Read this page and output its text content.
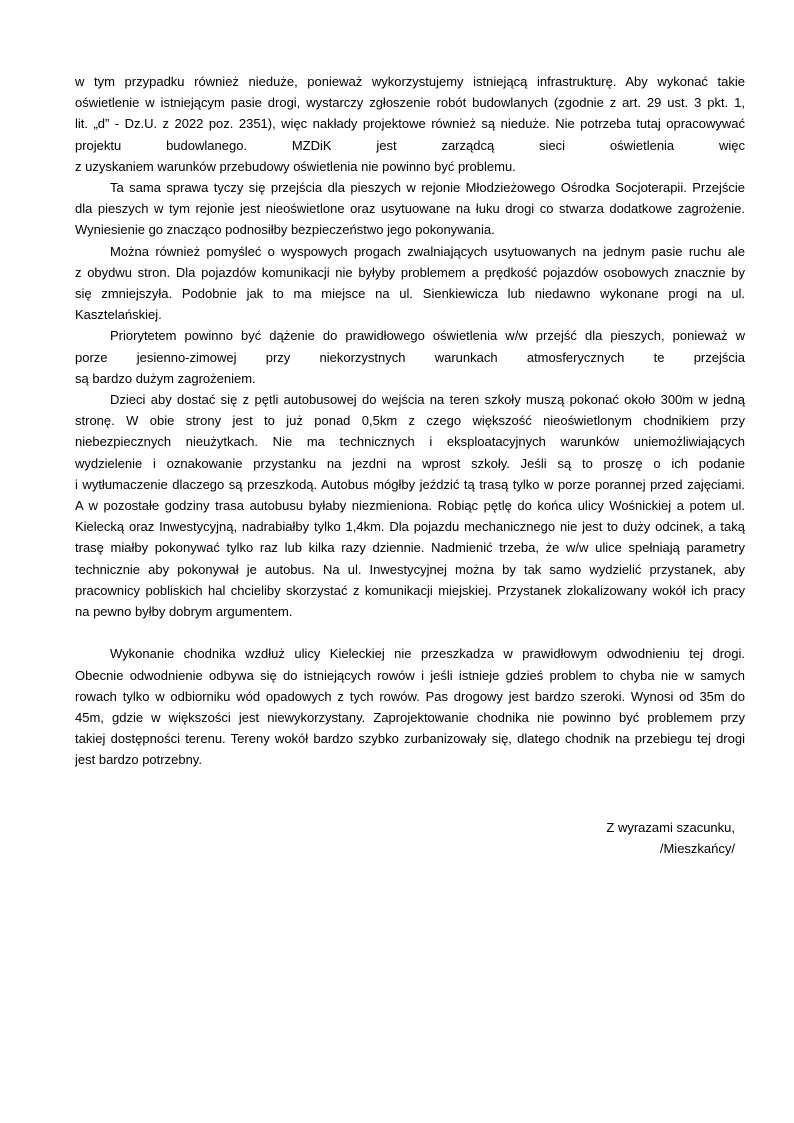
w tym przypadku również nieduże, ponieważ wykorzystujemy istniejącą infrastrukturę. Aby wykonać takie
oświetlenie w istniejącym pasie drogi, wystarczy zgłoszenie robót budowlanych (zgodnie z art. 29 ust. 3 pkt. 1,
lit. „d” - Dz.U. z 2022 poz. 2351), więc nakłady projektowe również są nieduże. Nie potrzeba tutaj opracowywać
projektu budowlanego. MZDiK jest zarządcą sieci oświetlenia więc
z uzyskaniem warunków przebudowy oświetlenia nie powinno być problemu.
Ta sama sprawa tyczy się przejścia dla pieszych w rejonie Młodzieżowego Ośrodka Socjoterapii. Przejście
dla pieszych w tym rejonie jest nieoświetlone oraz usytuowane na łuku drogi co stwarza dodatkowe zagrożenie.
Wyniesienie go znacząco podnosiłby bezpieczeństwo jego pokonywania.
Można również pomyśleć o wyspowych progach zwalniających usytuowanych na jednym pasie ruchu ale
z obydwu stron. Dla pojazdów komunikacji nie byłyby problemem a prędkość pojazdów osobowych znacznie by
się zmniejszyła. Podobnie jak to ma miejsce na ul. Sienkiewicza lub niedawno wykonane progi na ul.
Kasztelańskiej.
Priorytetem powinno być dążenie do prawidłowego oświetlenia w/w przejść dla pieszych, ponieważ w
porze jesienno-zimowej przy niekorzystnych warunkach atmosferycznych te przejścia
są bardzo dużym zagrożeniem.
Dzieci aby dostać się z pętli autobusowej do wejścia na teren szkoły muszą pokonać około 300m w jedną
stronę. W obie strony jest to już ponad 0,5km z czego większość nieoświetlonym chodnikiem przy
niebezpiecznych nieużytkach. Nie ma technicznych i eksploatacyjnych warunków uniemożliwiających
wydzielenie i oznakowanie przystanku na jezdni na wprost szkoły. Jeśli są to proszę o ich podanie
i wytłumaczenie dlaczego są przeszkodą. Autobus mógłby jeździć tą trasą tylko w porze porannej przed zajęciami.
A w pozostałe godziny trasa autobusu byłaby niezmieniona. Robiąc pętlę do końca ulicy Wośnickiej a potem ul.
Kielecką oraz Inwestycyjną, nadrabiałby tylko 1,4km. Dla pojazdu mechanicznego nie jest to duży odcinek, a taką
trasę miałby pokonywać tylko raz lub kilka razy dziennie. Nadmienić trzeba, że w/w ulice spełniają parametry
technicznie aby pokonywał je autobus. Na ul. Inwestycyjnej można by tak samo wydzielić przystanek, aby
pracownicy pobliskich hal chcieliby skorzystać z komunikacji miejskiej. Przystanek zlokalizowany wokół ich pracy
na pewno byłby dobrym argumentem.
Wykonanie chodnika wzdłuż ulicy Kieleckiej nie przeszkadza w prawidłowym odwodnieniu tej drogi.
Obecnie odwodnienie odbywa się do istniejących rowów i jeśli istnieje gdzieś problem to chyba nie w samych
rowach tylko w odbiorniku wód opadowych z tych rowów. Pas drogowy jest bardzo szeroki. Wynosi od 35m do
45m, gdzie w większości jest niewykorzystany. Zaprojektowanie chodnika nie powinno być problemem przy
takiej dostępności terenu. Tereny wokół bardzo szybko zurbanizowały się, dlatego chodnik na przebiegu tej drogi
jest bardzo potrzebny.
Z wyrazami szacunku,
/Mieszkańcy/
